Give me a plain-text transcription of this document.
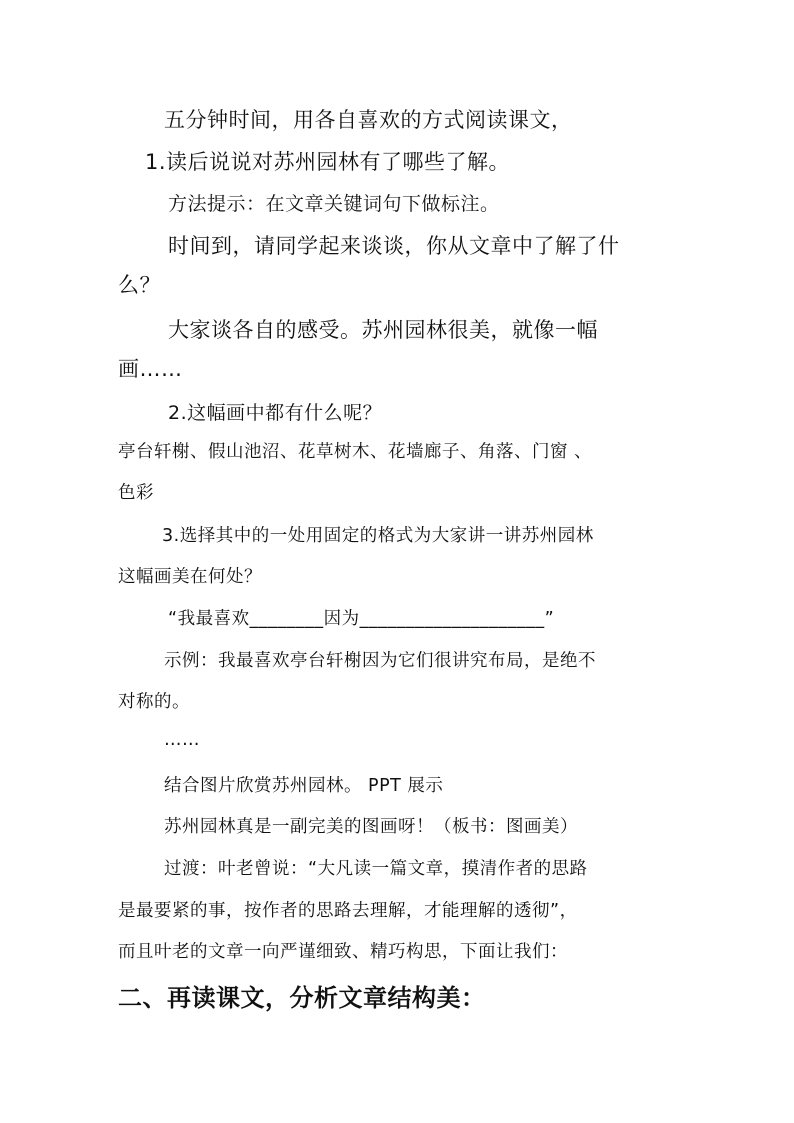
五分钟时间，用各自喜欢的方式阅读课文，

1.读后说说对苏州园林有了哪些了解。

方法提示：在文章关键词句下做标注。

时间到，请同学起来谈谈，你从文章中了解了什

么？

大家谈各自的感受。苏州园林很美，就像一幅

画……

2.这幅画中都有什么呢？

亭台轩榭、假山池沼、花草树木、花墙廊子、角落、门窗 、

色彩

3.选择其中的一处用固定的格式为大家讲一讲苏州园林

这幅画美在何处？

“我最喜欢________因为____________________”

示例：我最喜欢亭台轩榭因为它们很讲究布局，是绝不

对称的。

……

结合图片欣赏苏州园林。 PPT 展示

苏州园林真是一副完美的图画呀！（板书：图画美）

过渡：叶老曾说：“大凡读一篇文章，摸清作者的思路

是最要紧的事，按作者的思路去理解，才能理解的透彻”，

而且叶老的文章一向严谨细致、精巧构思，下面让我们：

二、再读课文，分析文章结构美：
